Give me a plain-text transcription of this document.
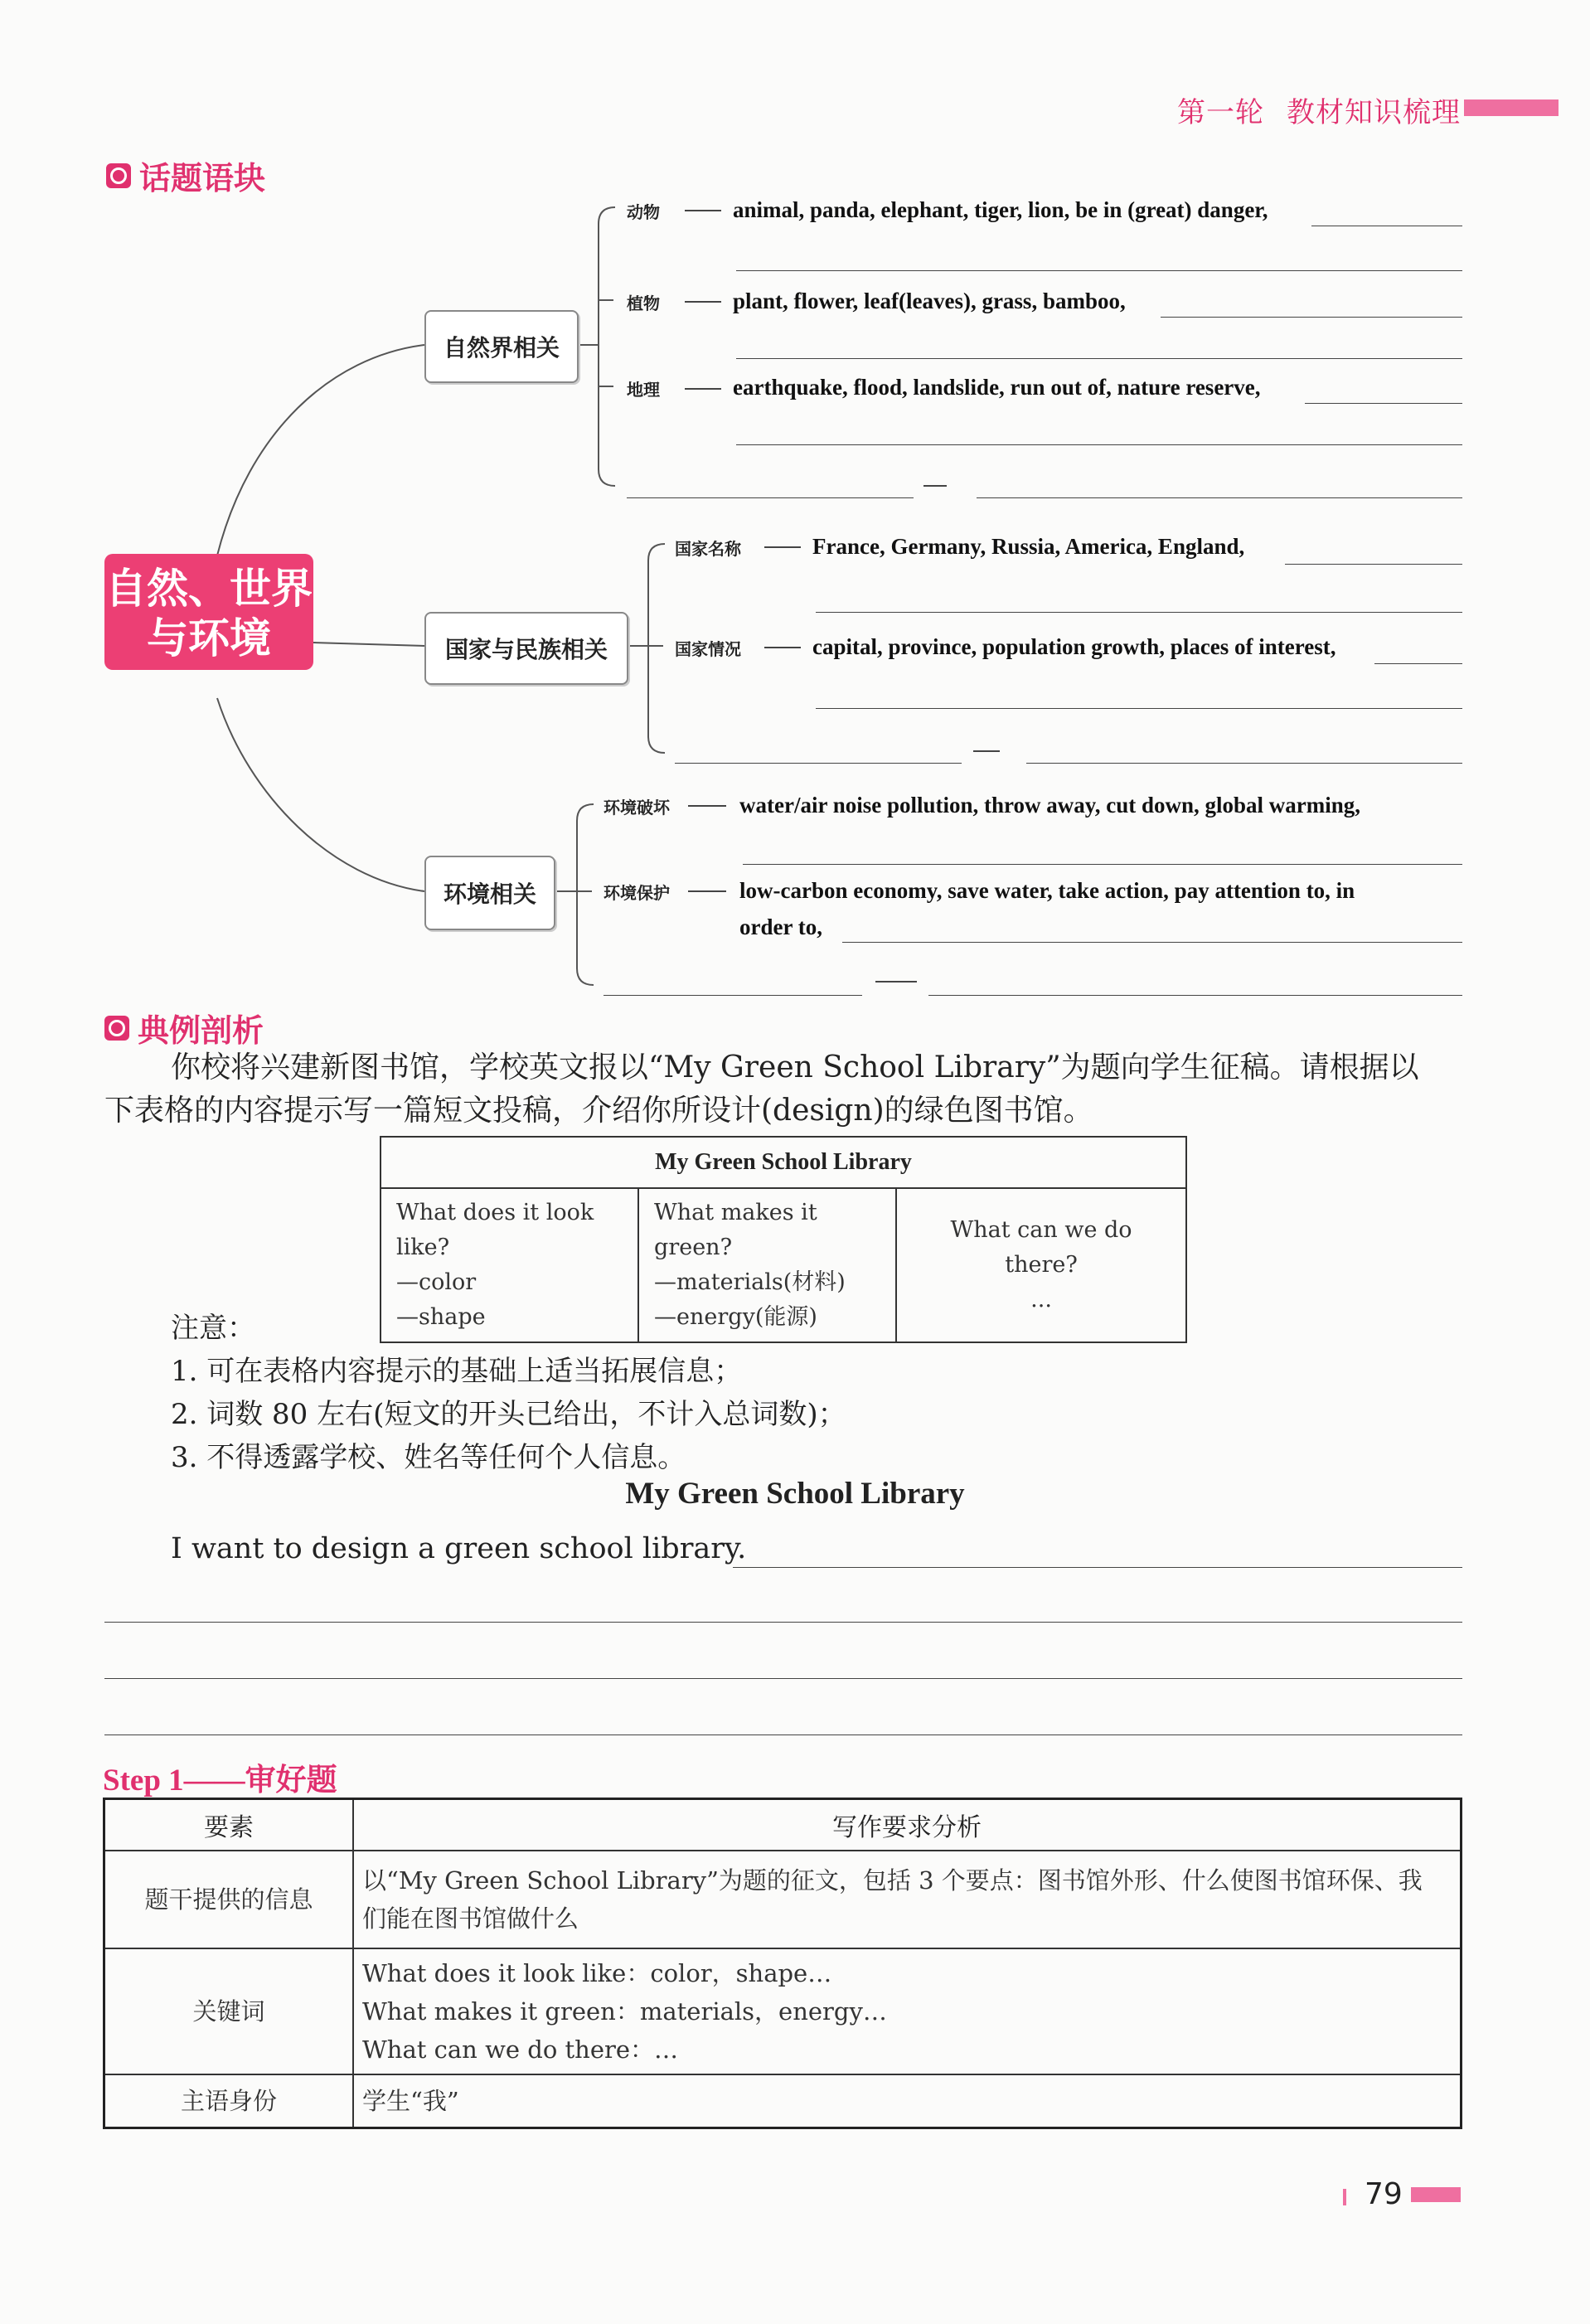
第一轮 教材知识梳理
话题语块
自然、世界
与环境
自然界相关
国家与民族相关
环境相关
动物	animal, panda, elephant, tiger, lion, be in (great) danger,
植物	plant, flower, leaf(leaves), grass, bamboo,
地理	earthquake, flood, landslide, run out of, nature reserve,
国家名称	France, Germany, Russia, America, England,
国家情况	capital, province, population growth, places of interest,
环境破坏	water/air noise pollution, throw away, cut down, global warming,
环境保护	low-carbon economy, save water, take action, pay attention to, in
order to,
典例剖析
你校将兴建新图书馆，学校英文报以“My Green School Library”为题向学生征稿。请根据以
下表格的内容提示写一篇短文投稿，介绍你所设计(design)的绿色图书馆。
My Green School Library

What does it look like?
—color
—shape

What makes it green?
—materials(材料)
—energy(能源)

What can we do there?
...
注意：
1. 可在表格内容提示的基础上适当拓展信息；
2. 词数 80 左右(短文的开头已给出，不计入总词数)；
3. 不得透露学校、姓名等任何个人信息。
My Green School Library
I want to design a green school library.
Step 1——审好题
要素	写作要求分析
题干提供的信息	以“My Green School Library”为题的征文，包括 3 个要点：图书馆外形、什么使图书馆环保、我
们能在图书馆做什么

关键词	What does it look like：color，shape…
What makes it green：materials，energy…
What can we do there：…

主语身份	学生“我”
79
